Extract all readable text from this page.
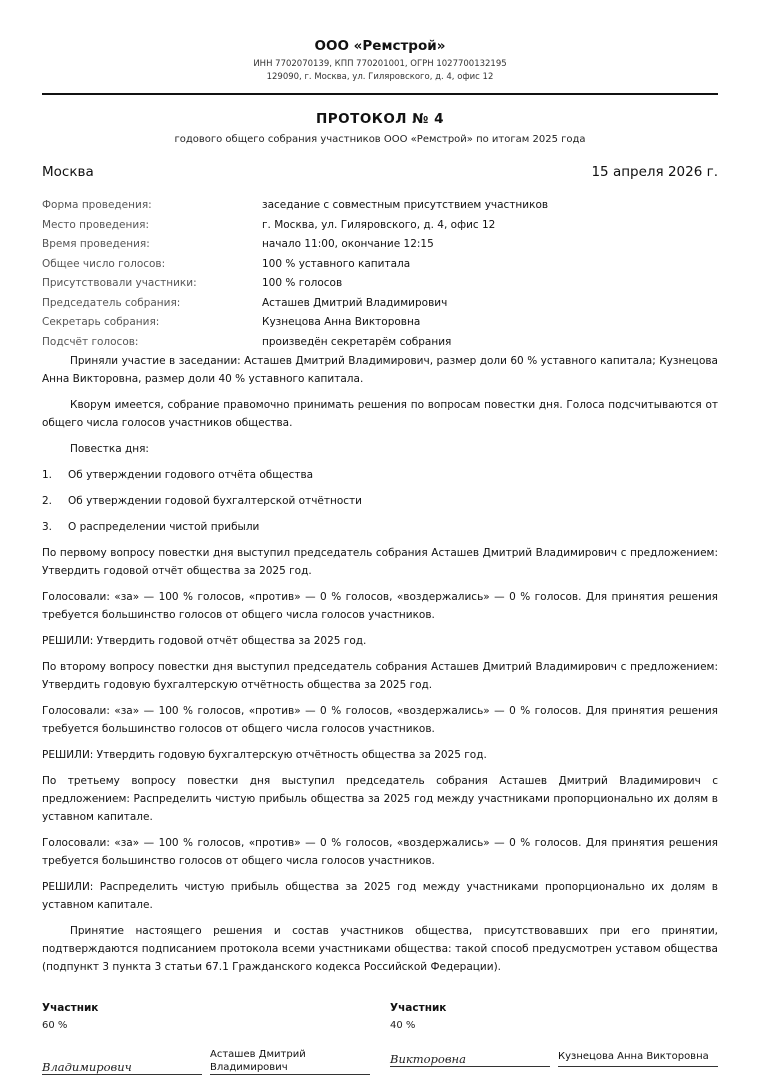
ООО «Ремстрой»
ИНН 7702070139, КПП 770201001, ОГРН 1027700132195
129090, г. Москва, ул. Гиляровского, д. 4, офис 12
ПРОТОКОЛ № 4
годового общего собрания участников ООО «Ремстрой» по итогам 2025 года
Москва	15 апреля 2026 г.
Форма проведения:	заседание с совместным присутствием участников
Место проведения:	г. Москва, ул. Гиляровского, д. 4, офис 12
Время проведения:	начало 11:00, окончание 12:15
Общее число голосов:	100 % уставного капитала
Присутствовали участники:	100 % голосов
Председатель собрания:	Асташев Дмитрий Владимирович
Секретарь собрания:	Кузнецова Анна Викторовна
Подсчёт голосов:	произведён секретарём собрания

Приняли участие в заседании: Асташев Дмитрий Владимирович, размер доли 60 % уставного капитала; Кузнецова Анна Викторовна, размер доли 40 % уставного капитала.

Кворум имеется, собрание правомочно принимать решения по вопросам повестки дня. Голоса подсчитываются от общего числа голосов участников общества.

Повестка дня:

1. Об утверждении годового отчёта общества
2. Об утверждении годовой бухгалтерской отчётности
3. О распределении чистой прибыли

По первому вопросу повестки дня выступил председатель собрания Асташев Дмитрий Владимирович с предложением: Утвердить годовой отчёт общества за 2025 год.

Голосовали: «за» — 100 % голосов, «против» — 0 % голосов, «воздержались» — 0 % голосов. Для принятия решения требуется большинство голосов от общего числа голосов участников.

РЕШИЛИ: Утвердить годовой отчёт общества за 2025 год.

По второму вопросу повестки дня выступил председатель собрания Асташев Дмитрий Владимирович с предложением: Утвердить годовую бухгалтерскую отчётность общества за 2025 год.

Голосовали: «за» — 100 % голосов, «против» — 0 % голосов, «воздержались» — 0 % голосов. Для принятия решения требуется большинство голосов от общего числа голосов участников.

РЕШИЛИ: Утвердить годовую бухгалтерскую отчётность общества за 2025 год.

По третьему вопросу повестки дня выступил председатель собрания Асташев Дмитрий Владимирович с предложением: Распределить чистую прибыль общества за 2025 год между участниками пропорционально их долям в уставном капитале.

Голосовали: «за» — 100 % голосов, «против» — 0 % голосов, «воздержались» — 0 % голосов. Для принятия решения требуется большинство голосов от общего числа голосов участников.

РЕШИЛИ: Распределить чистую прибыль общества за 2025 год между участниками пропорционально их долям в уставном капитале.

Принятие настоящего решения и состав участников общества, присутствовавших при его принятии, подтверждаются подписанием протокола всеми участниками общества: такой способ предусмотрен уставом общества (подпункт 3 пункта 3 статьи 67.1 Гражданского кодекса Российской Федерации).

Участник
60 %
Владимирович
Асташев Дмитрий Владимирович
Участник
40 %
Викторовна	Кузнецова Анна Викторовна
